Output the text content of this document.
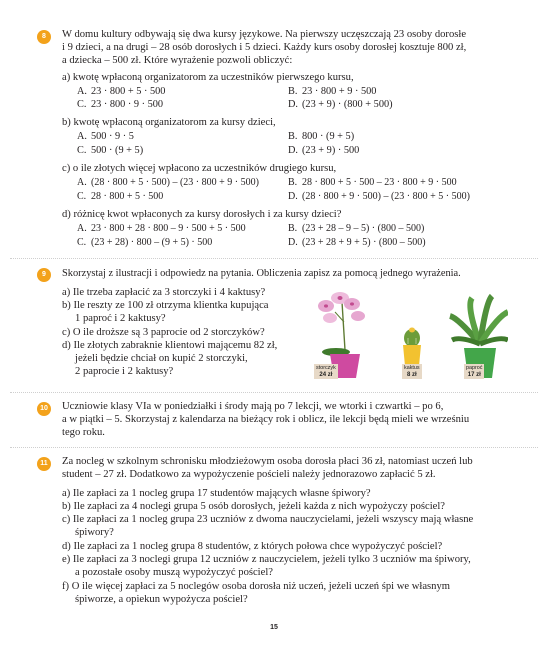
8	W domu kultury odbywają się dwa kursy językowe. Na pierwszy uczęszczają 23 osoby dorosłe
i 9 dzieci, a na drugi – 28 osób dorosłych i 5 dzieci. Każdy kurs osoby dorosłej kosztuje 800 zł,
a dziecka – 500 zł. Które wyrażenie pozwoli obliczyć:
a) kwotę wpłaconą organizatorom za uczestników pierwszego kursu,
A. 23 · 800 + 5 · 500	B. 23 · 800 + 9 · 500
C. 23 · 800 · 9 · 500	D. (23 + 9) · (800 + 500)
b) kwotę wpłaconą organizatorom za kursy dzieci,
A. 500 · 9 · 5	B. 800 · (9 + 5)
C. 500 · (9 + 5)	D. (23 + 9) · 500
c) o ile złotych więcej wpłacono za uczestników drugiego kursu,
A. (28 · 800 + 5 · 500) – (23 · 800 + 9 · 500)	B. 28 · 800 + 5 · 500 – 23 · 800 + 9 · 500
C. 28 · 800 + 5 · 500	D. (28 · 800 + 9 · 500) – (23 · 800 + 5 · 500)
d) różnicę kwot wpłaconych za kursy dorosłych i za kursy dzieci?
A. 23 · 800 + 28 · 800 – 9 · 500 + 5 · 500	B. (23 + 28 – 9 – 5) · (800 – 500)
C. (23 + 28) · 800 – (9 + 5) · 500	D. (23 + 28 + 9 + 5) · (800 – 500)
9	Skorzystaj z ilustracji i odpowiedz na pytania. Obliczenia zapisz za pomocą jednego wyrażenia.
a) Ile trzeba zapłacić za 3 storczyki i 4 kaktusy?
b) Ile reszty ze 100 zł otrzyma klientka kupująca
1 paproć i 2 kaktusy?
c) O ile droższe są 3 paprocie od 2 storczyków?
d) Ile złotych zabraknie klientowi mającemu 82 zł,
jeżeli będzie chciał on kupić 2 storczyki,
2 paprocie i 2 kaktusy?	storczyk
24 zł
kaktus
8 zł
paproć
17 zł
10 Uczniowie klasy VIa w poniedziałki i środy mają po 7 lekcji, we wtorki i czwartki – po 6,
a w piątki – 5. Skorzystaj z kalendarza na bieżący rok i oblicz, ile lekcji będą mieli we wrześniu
tego roku.
11	Za nocleg w szkolnym schronisku młodzieżowym osoba dorosła płaci 36 zł, natomiast uczeń lub
student – 27 zł. Dodatkowo za wypożyczenie pościeli należy jednorazowo zapłacić 5 zł.
a) Ile zapłaci za 1 nocleg grupa 17 studentów mających własne śpiwory?
b) Ile zapłaci za 4 noclegi grupa 5 osób dorosłych, jeżeli każda z nich wypożyczy pościel?
c) Ile zapłaci za 1 nocleg grupa 23 uczniów z dwoma nauczycielami, jeżeli wszyscy mają własne
śpiwory?
d) Ile zapłaci za 1 nocleg grupa 8 studentów, z których połowa chce wypożyczyć pościel?
e) Ile zapłaci za 3 noclegi grupa 12 uczniów z nauczycielem, jeżeli tylko 3 uczniów ma śpiwory,
a pozostałe osoby muszą wypożyczyć pościel?
f) O ile więcej zapłaci za 5 noclegów osoba dorosła niż uczeń, jeżeli uczeń śpi we własnym
śpiworze, a opiekun wypożycza pościel?
15
